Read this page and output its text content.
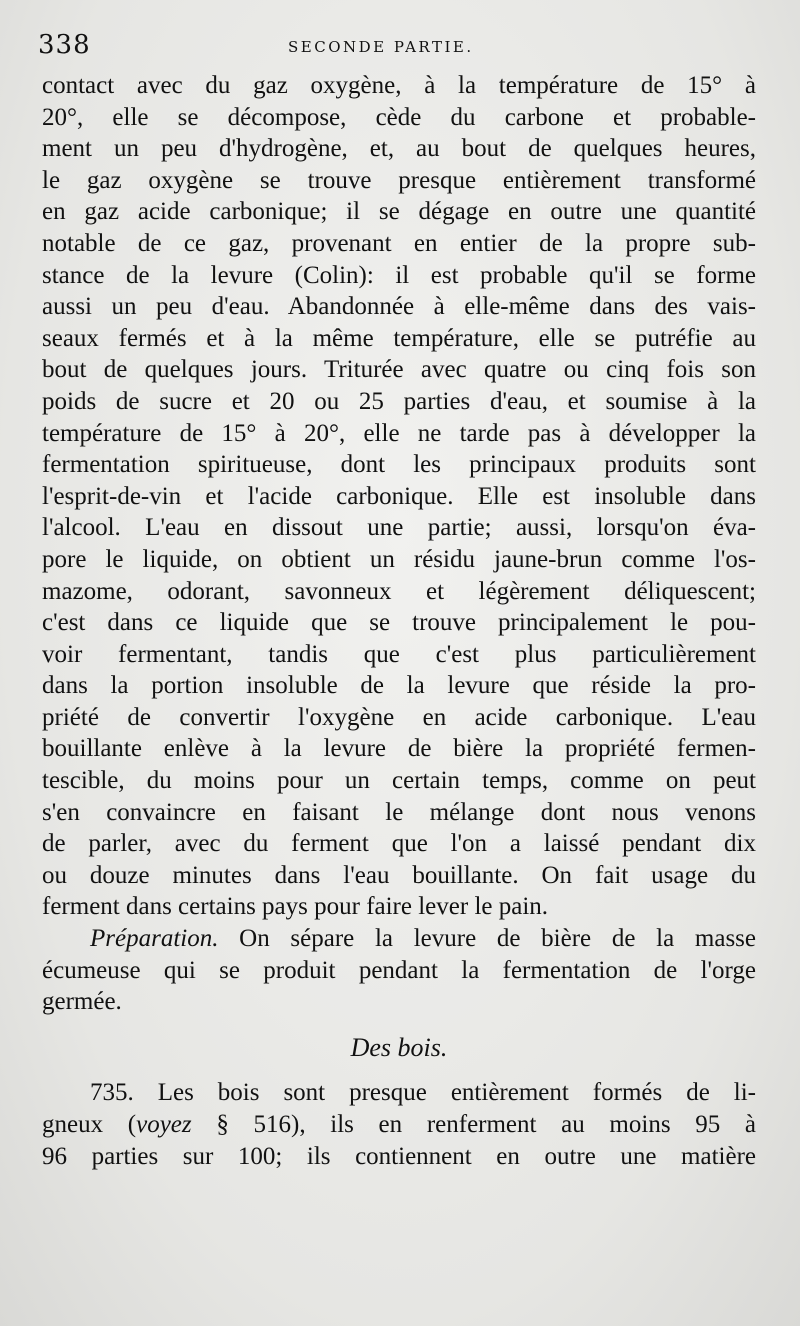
338	SECONDE PARTIE.
contact avec du gaz oxygène, à la température de 15° à
20°, elle se décompose, cède du carbone et probable-
ment un peu d'hydrogène, et, au bout de quelques heures,
le gaz oxygène se trouve presque entièrement transformé
en gaz acide carbonique; il se dégage en outre une quantité
notable de ce gaz, provenant en entier de la propre sub-
stance de la levure (Colin): il est probable qu'il se forme
aussi un peu d'eau. Abandonnée à elle-même dans des vais-
seaux fermés et à la même température, elle se putréfie au
bout de quelques jours. Triturée avec quatre ou cinq fois son
poids de sucre et 20 ou 25 parties d'eau, et soumise à la
température de 15° à 20°, elle ne tarde pas à développer la
fermentation spiritueuse, dont les principaux produits sont
l'esprit-de-vin et l'acide carbonique. Elle est insoluble dans
l'alcool. L'eau en dissout une partie; aussi, lorsqu'on éva-
pore le liquide, on obtient un résidu jaune-brun comme l'os-
mazome, odorant, savonneux et légèrement déliquescent;
c'est dans ce liquide que se trouve principalement le pou-
voir fermentant, tandis que c'est plus particulièrement
dans la portion insoluble de la levure que réside la pro-
priété de convertir l'oxygène en acide carbonique. L'eau
bouillante enlève à la levure de bière la propriété fermen-
tescible, du moins pour un certain temps, comme on peut
s'en convaincre en faisant le mélange dont nous venons
de parler, avec du ferment que l'on a laissé pendant dix
ou douze minutes dans l'eau bouillante. On fait usage du
ferment dans certains pays pour faire lever le pain.
Préparation. On sépare la levure de bière de la masse
écumeuse qui se produit pendant la fermentation de l'orge
germée.
Des bois.
735. Les bois sont presque entièrement formés de li-
gneux (voyez § 516), ils en renferment au moins 95 à
96 parties sur 100; ils contiennent en outre une matière
